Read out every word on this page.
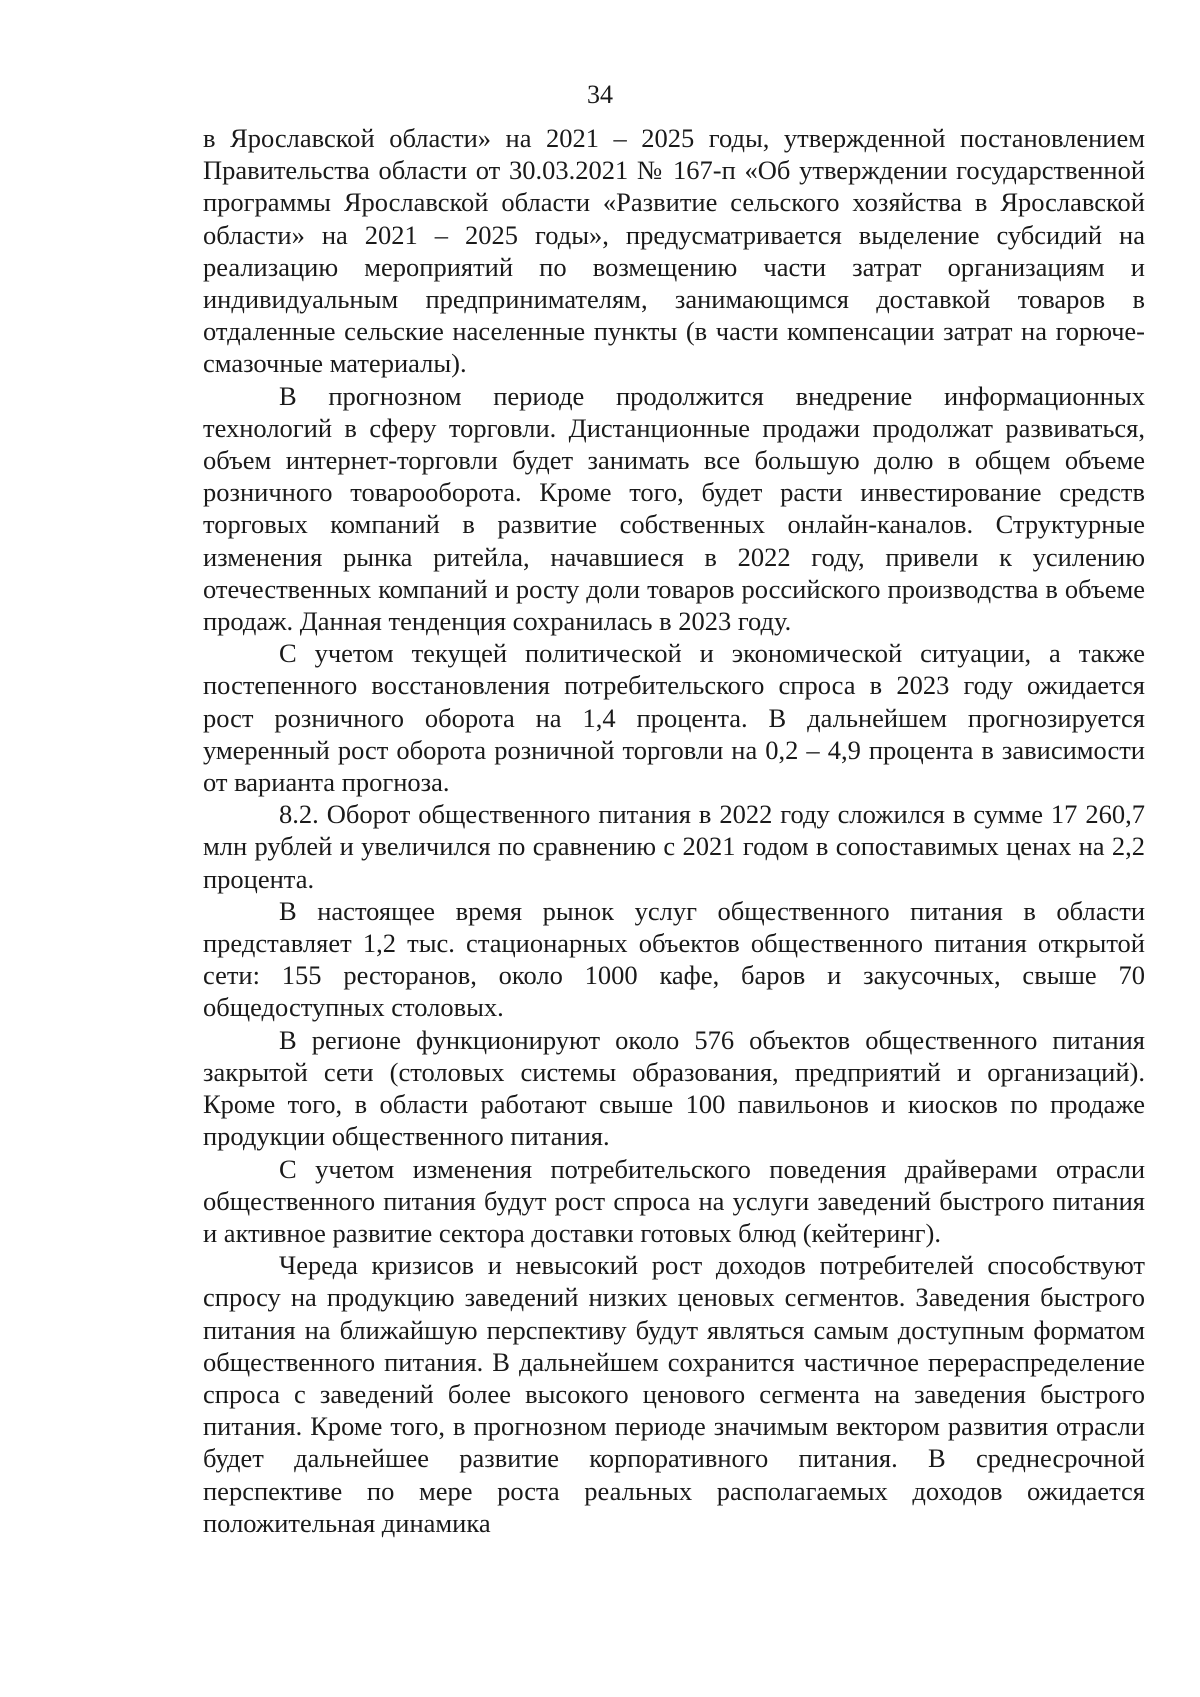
34

в Ярославской области» на 2021 – 2025 годы, утвержденной постановлением Правительства области от 30.03.2021 № 167-п «Об утверждении государственной программы Ярославской области «Развитие сельского хозяйства в Ярославской области» на 2021 – 2025 годы», предусматривается выделение субсидий на реализацию мероприятий по возмещению части затрат организациям и индивидуальным предпринимателям, занимающимся доставкой товаров в отдаленные сельские населенные пункты (в части компенсации затрат на горюче-смазочные материалы).

В прогнозном периоде продолжится внедрение информационных технологий в сферу торговли. Дистанционные продажи продолжат развиваться, объем интернет-торговли будет занимать все большую долю в общем объеме розничного товарооборота. Кроме того, будет расти инвестирование средств торговых компаний в развитие собственных онлайн-каналов. Структурные изменения рынка ритейла, начавшиеся в 2022 году, привели к усилению отечественных компаний и росту доли товаров российского производства в объеме продаж. Данная тенденция сохранилась в 2023 году.

С учетом текущей политической и экономической ситуации, а также постепенного восстановления потребительского спроса в 2023 году ожидается рост розничного оборота на 1,4 процента. В дальнейшем прогнозируется умеренный рост оборота розничной торговли на 0,2 – 4,9 процента в зависимости от варианта прогноза.

8.2. Оборот общественного питания в 2022 году сложился в сумме 17 260,7 млн рублей и увеличился по сравнению с 2021 годом в сопоставимых ценах на 2,2 процента.

В настоящее время рынок услуг общественного питания в области представляет 1,2 тыс. стационарных объектов общественного питания открытой сети: 155 ресторанов, около 1000 кафе, баров и закусочных, свыше 70 общедоступных столовых.

В регионе функционируют около 576 объектов общественного питания закрытой сети (столовых системы образования, предприятий и организаций). Кроме того, в области работают свыше 100 павильонов и киосков по продаже продукции общественного питания.

С учетом изменения потребительского поведения драйверами отрасли общественного питания будут рост спроса на услуги заведений быстрого питания и активное развитие сектора доставки готовых блюд (кейтеринг).

Череда кризисов и невысокий рост доходов потребителей способствуют спросу на продукцию заведений низких ценовых сегментов. Заведения быстрого питания на ближайшую перспективу будут являться самым доступным форматом общественного питания. В дальнейшем сохранится частичное перераспределение спроса с заведений более высокого ценового сегмента на заведения быстрого питания. Кроме того, в прогнозном периоде значимым вектором развития отрасли будет дальнейшее развитие корпоративного питания. В среднесрочной перспективе по мере роста реальных располагаемых доходов ожидается положительная динамика
